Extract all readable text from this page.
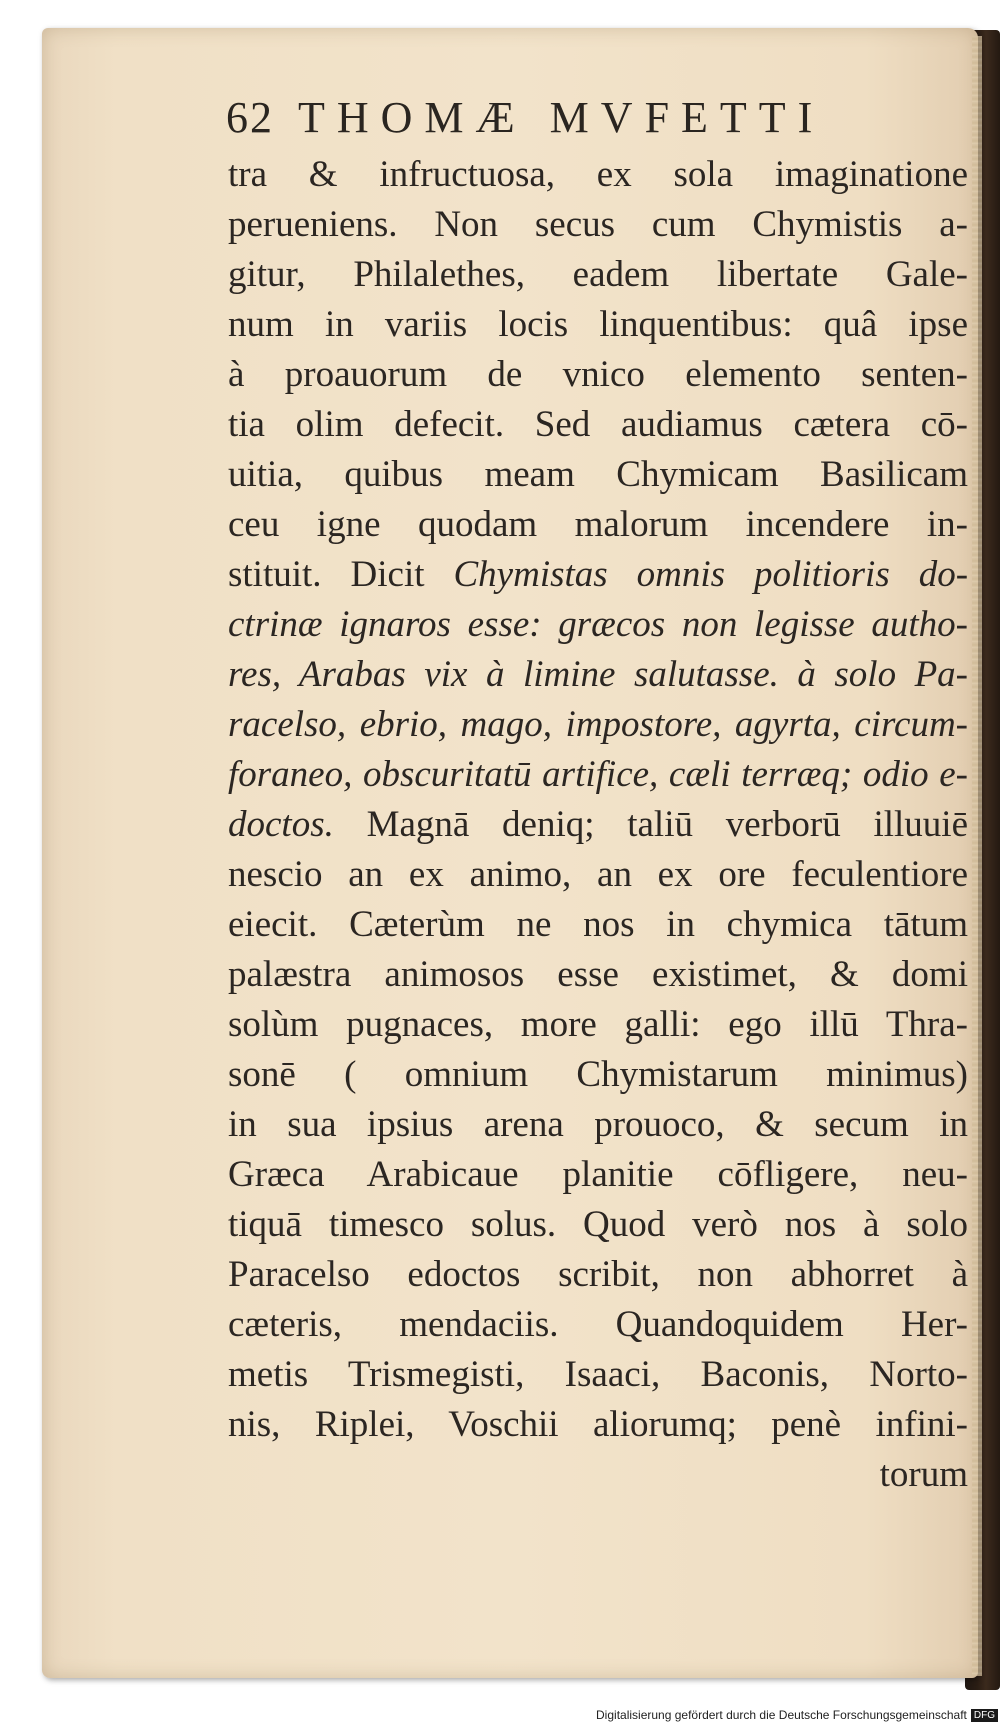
62 THOMÆ MVFETTI
tra & infructuosa, ex sola imaginatione
perueniens. Non secus cum Chymistis a-
gitur, Philalethes, eadem libertate Gale-
num in variis locis linquentibus: quâ ipse
à proauorum de vnico elemento senten-
tia olim defecit. Sed audiamus cætera cō-
uitia, quibus meam Chymicam Basilicam
ceu igne quodam malorum incendere in-
stituit. Dicit Chymistas omnis politioris do-
ctrinæ ignaros esse: græcos non legisse autho-
res, Arabas vix à limine salutasse. à solo Pa-
racelso, ebrio, mago, impostore, agyrta, circum-
foraneo, obscuritatū artifice, cæli terræq; odio e-
doctos. Magnā deniq; taliū verborū illuuiē
nescio an ex animo, an ex ore feculentiore
eiecit. Cæterùm ne nos in chymica tātum
palæstra animosos esse existimet, & domi
solùm pugnaces, more galli: ego illū Thra-
sonē ( omnium Chymistarum minimus)
in sua ipsius arena prouoco, & secum in
Græca Arabicaue planitie cōfligere, neu-
tiquā timesco solus. Quod verò nos à solo
Paracelso edoctos scribit, non abhorret à
cæteris, mendaciis. Quandoquidem Her-
metis Trismegisti, Isaaci, Baconis, Norto-
nis, Riplei, Voschii aliorumq; penè infini-
torum
Digitalisierung gefördert durch die Deutsche Forschungsgemeinschaft DFG
